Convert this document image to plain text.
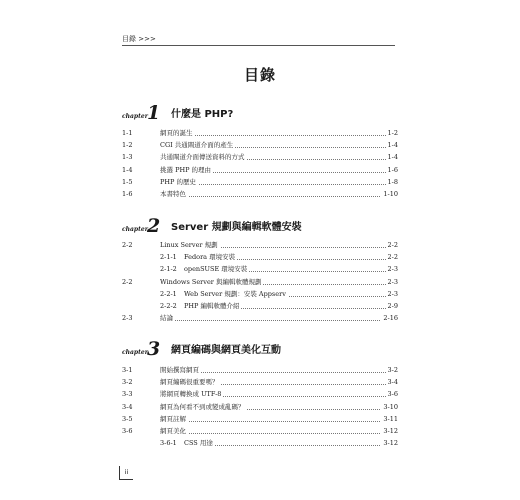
目錄 >>>
目錄
chapter 1 什麼是 PHP?
1-1	網頁的誕生	1-2
1-2	CGI 共通閘道介面的產生	1-4
1-3	共通閘道介面傳送資料的方式	1-4
1-4	挑選 PHP 的理由	1-6
1-5	PHP 的歷史	1-8
1-6	本書特色	1-10
chapter 2 Server 規劃與編輯軟體安裝
2-2	Linux Server 規劃	2-2
2-1-1 Fedora 環境安裝	2-2
2-1-2 openSUSE 環境安裝	2-3
2-2	Windows Server 與編輯軟體規劃	2-3
2-2-1 Web Server 規劃：安裝 Appserv	2-3
2-2-2 PHP 編輯軟體介紹	2-9
2-3	結論	2-16
chapter 3 網頁編碼與網頁美化互動
3-1	開始撰寫網頁	3-2
3-2	網頁編碼很重要嗎？	3-4
3-3	將網頁轉換成 UTF-8	3-6
3-4	網頁為何看不到或變成亂碼？	3-10
3-5	網頁註解	3-11
3-6	網頁美化	3-12
3-6-1 CSS 用途	3-12
ii
